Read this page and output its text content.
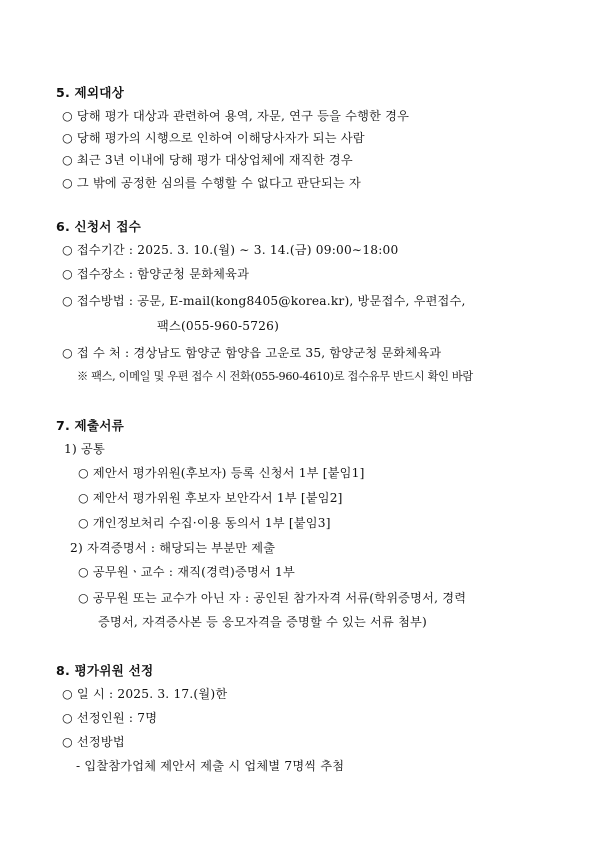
5. 제외대상
○ 당해 평가 대상과 관련하여 용역, 자문, 연구 등을 수행한 경우
○ 당해 평가의 시행으로 인하여 이해당사자가 되는 사람
○ 최근 3년 이내에 당해 평가 대상업체에 재직한 경우
○ 그 밖에 공정한 심의를 수행할 수 없다고 판단되는 자
6. 신청서 접수
○ 접수기간 : 2025. 3. 10.(월) ∼ 3. 14.(금) 09:00∼18:00
○ 접수장소 : 함양군청 문화체육과
○ 접수방법 : 공문, E-mail(kong8405@korea.kr), 방문접수, 우편접수,
팩스(055-960-5726)
○ 접 수 처 : 경상남도 함양군 함양읍 고운로 35, 함양군청 문화체육과
※ 팩스, 이메일 및 우편 접수 시 전화(055-960-4610)로 접수유무 반드시 확인 바람
7. 제출서류
1) 공통
○ 제안서 평가위원(후보자) 등록 신청서 1부 [붙임1]
○ 제안서 평가위원 후보자 보안각서 1부 [붙임2]
○ 개인정보처리 수집·이용 동의서 1부 [붙임3]
2) 자격증명서 : 해당되는 부분만 제출
○ 공무원ㆍ교수 : 재직(경력)증명서 1부
○ 공무원 또는 교수가 아닌 자 : 공인된 참가자격 서류(학위증명서, 경력
증명서, 자격증사본 등 응모자격을 증명할 수 있는 서류 첨부)
8. 평가위원 선정
○ 일 시 : 2025. 3. 17.(월)한
○ 선정인원 : 7명
○ 선정방법
- 입찰참가업체 제안서 제출 시 업체별 7명씩 추첨
